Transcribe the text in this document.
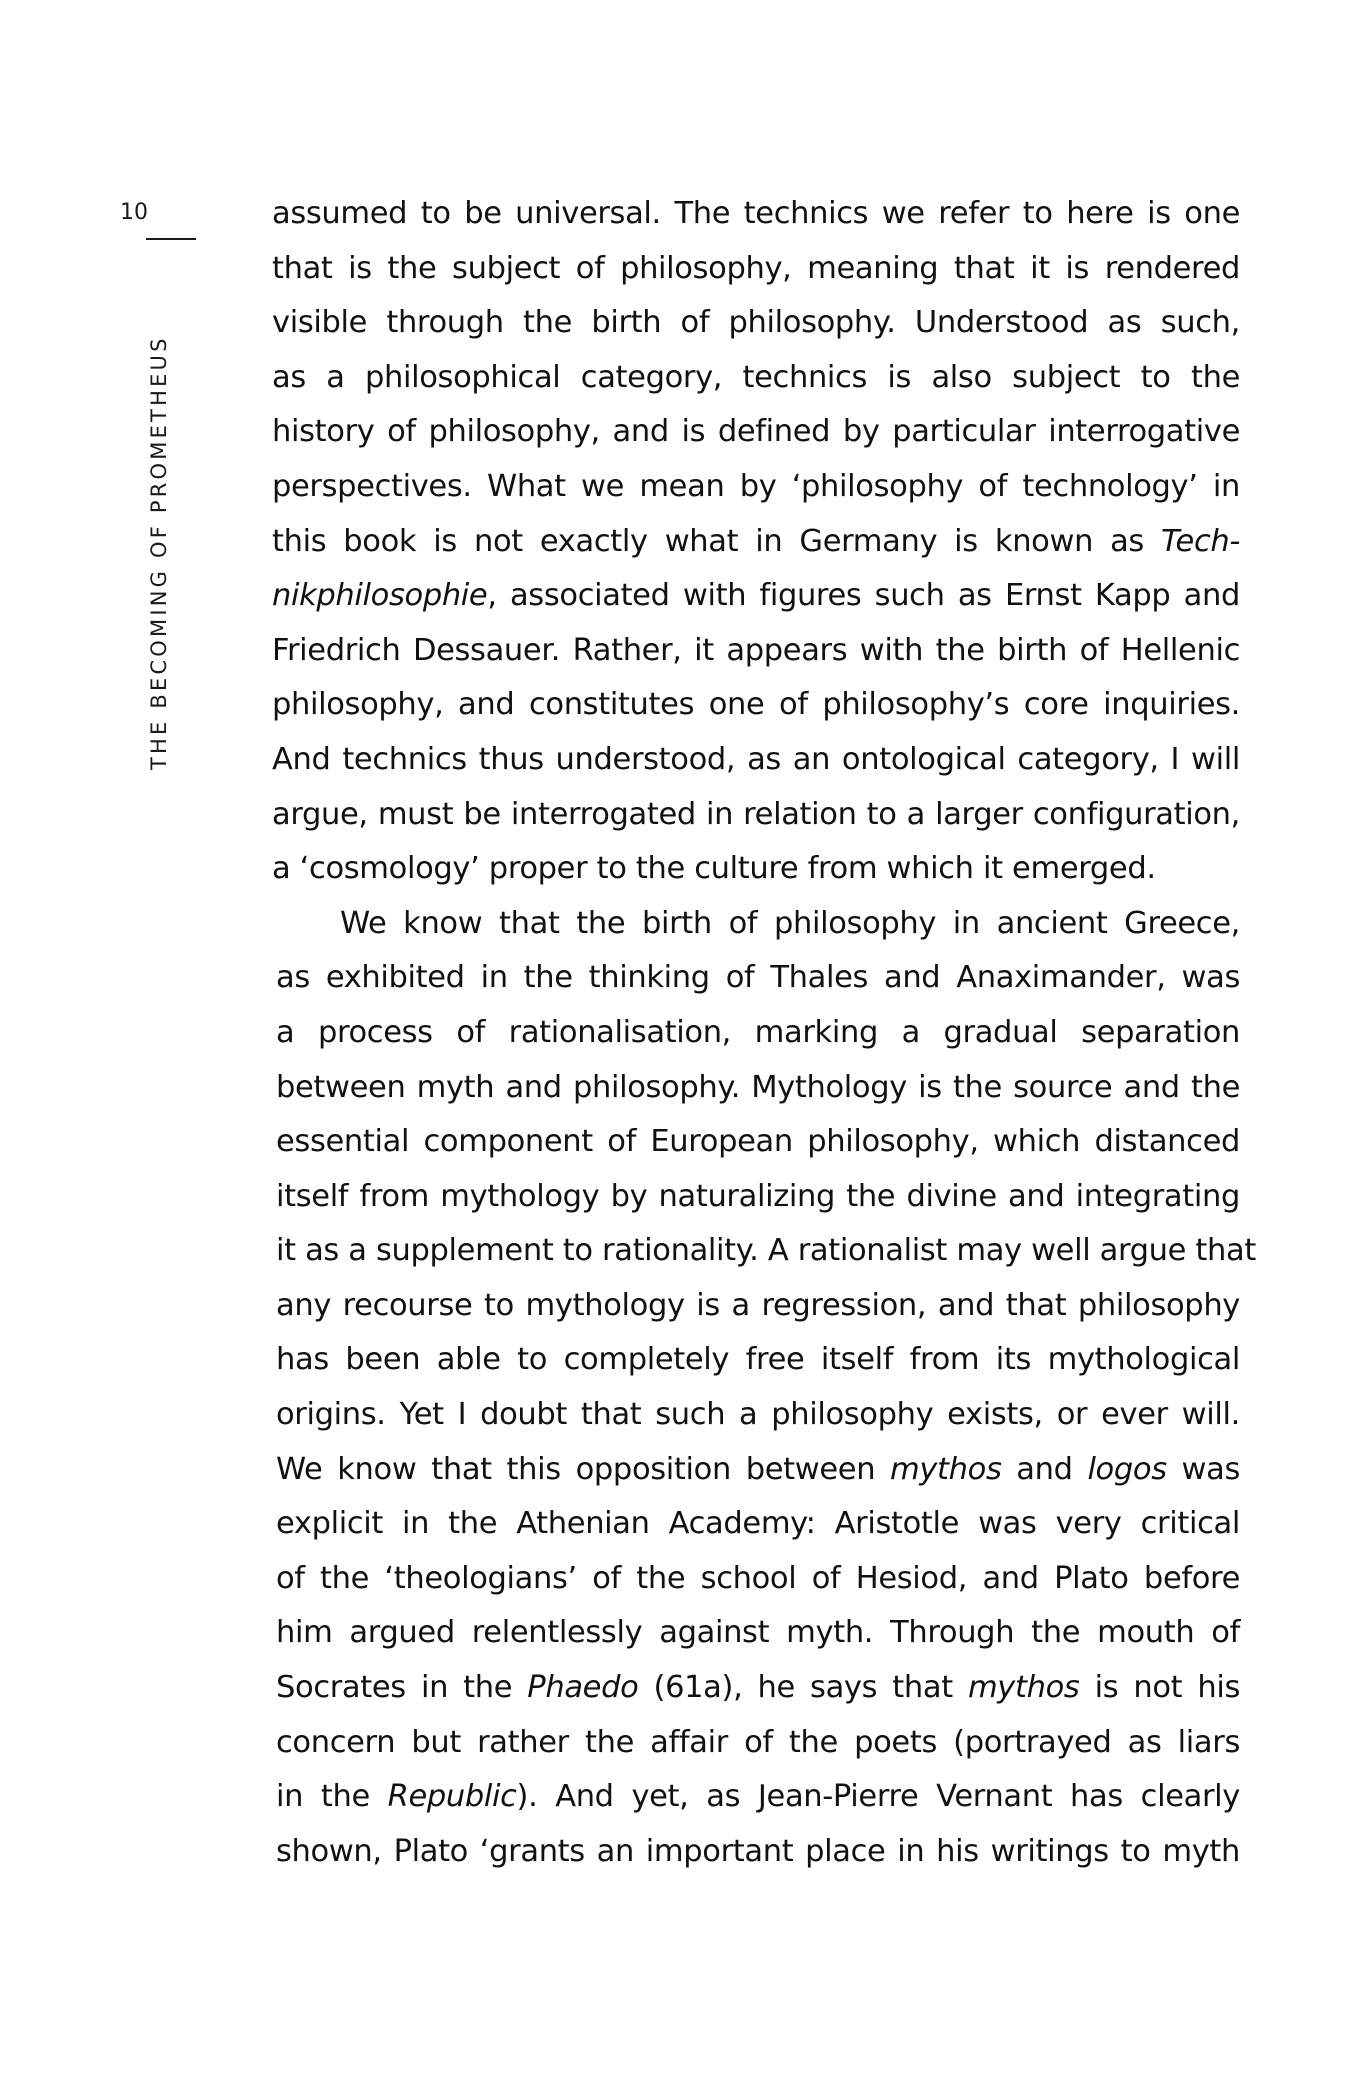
10
THE BECOMING OF PROMETHEUS
assumed to be universal. The technics we refer to here is one
that is the subject of philosophy, meaning that it is rendered
visible through the birth of philosophy. Understood as such,
as a philosophical category, technics is also subject to the
history of philosophy, and is defined by particular interrogative
perspectives. What we mean by ‘philosophy of technology’ in
this book is not exactly what in Germany is known as Tech-
nikphilosophie, associated with figures such as Ernst Kapp and
Friedrich Dessauer. Rather, it appears with the birth of Hellenic
philosophy, and constitutes one of philosophy’s core inquiries.
And technics thus understood, as an ontological category, I will
argue, must be interrogated in relation to a larger configuration,
a ‘cosmology’ proper to the culture from which it emerged.
We know that the birth of philosophy in ancient Greece,
as exhibited in the thinking of Thales and Anaximander, was
a process of rationalisation, marking a gradual separation
between myth and philosophy. Mythology is the source and the
essential component of European philosophy, which distanced
itself from mythology by naturalizing the divine and integrating
it as a supplement to rationality. A rationalist may well argue that
any recourse to mythology is a regression, and that philosophy
has been able to completely free itself from its mythological
origins. Yet I doubt that such a philosophy exists, or ever will.
We know that this opposition between mythos and logos was
explicit in the Athenian Academy: Aristotle was very critical
of the ‘theologians’ of the school of Hesiod, and Plato before
him argued relentlessly against myth. Through the mouth of
Socrates in the Phaedo (61a), he says that mythos is not his
concern but rather the affair of the poets (portrayed as liars
in the Republic). And yet, as Jean-Pierre Vernant has clearly
shown, Plato ‘grants an important place in his writings to myth
